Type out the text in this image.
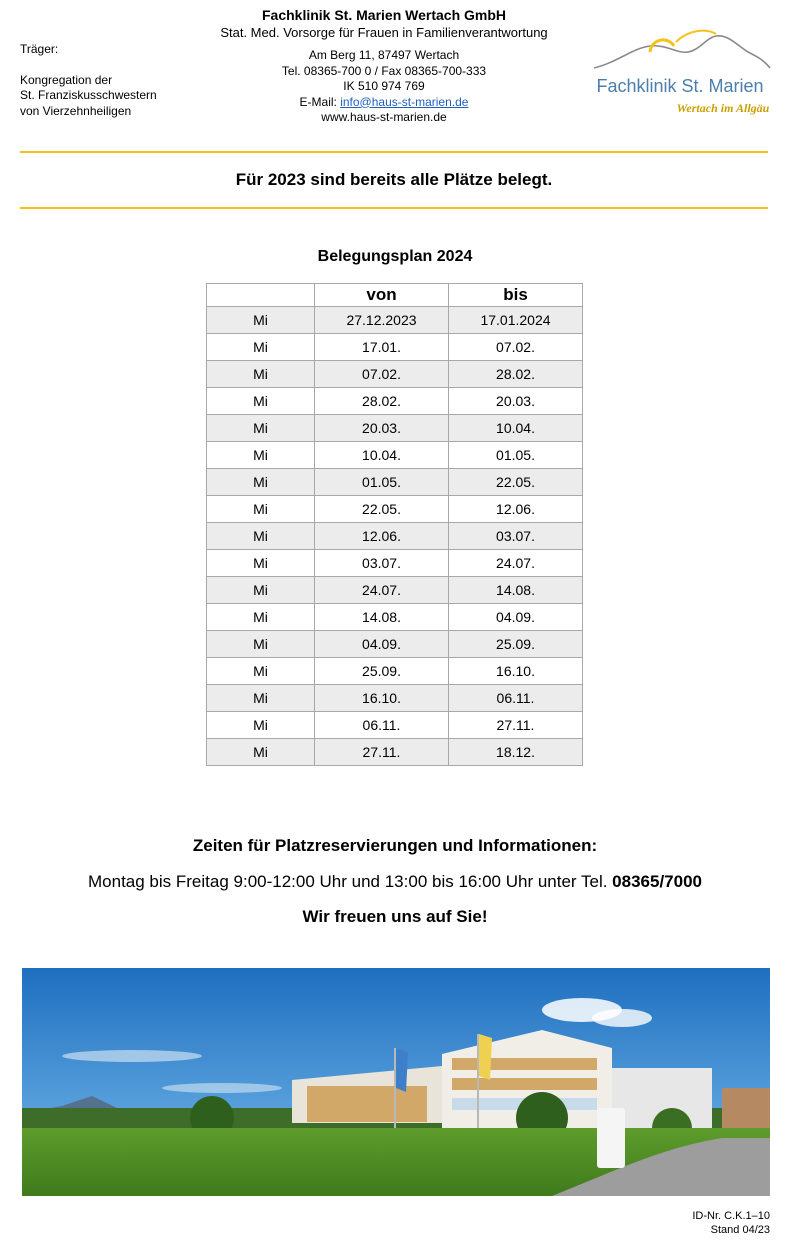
Träger:
Kongregation der
St. Franziskusschwestern
von Vierzehnheiligen
Fachklinik St. Marien Wertach GmbH
Stat. Med. Vorsorge für Frauen in Familienverantwortung
Am Berg 11, 87497 Wertach
Tel. 08365-700 0 / Fax 08365-700-333
IK 510 974 769
E-Mail: info@haus-st-marien.de
www.haus-st-marien.de
Fachklinik St. Marien
Wertach im Allgäu
Für 2023 sind bereits alle Plätze belegt.
Belegungsplan 2024
	von	bis
Mi	27.12.2023	17.01.2024
Mi	17.01.	07.02.
Mi	07.02.	28.02.
Mi	28.02.	20.03.
Mi	20.03.	10.04.
Mi	10.04.	01.05.
Mi	01.05.	22.05.
Mi	22.05.	12.06.
Mi	12.06.	03.07.
Mi	03.07.	24.07.
Mi	24.07.	14.08.
Mi	14.08.	04.09.
Mi	04.09.	25.09.
Mi	25.09.	16.10.
Mi	16.10.	06.11.
Mi	06.11.	27.11.
Mi	27.11.	18.12.
Zeiten für Platzreservierungen und Informationen:
Montag bis Freitag 9:00-12:00 Uhr und 13:00 bis 16:00 Uhr unter Tel. 08365/7000
Wir freuen uns auf Sie!
ID-Nr. C.K.1–10
Stand 04/23
